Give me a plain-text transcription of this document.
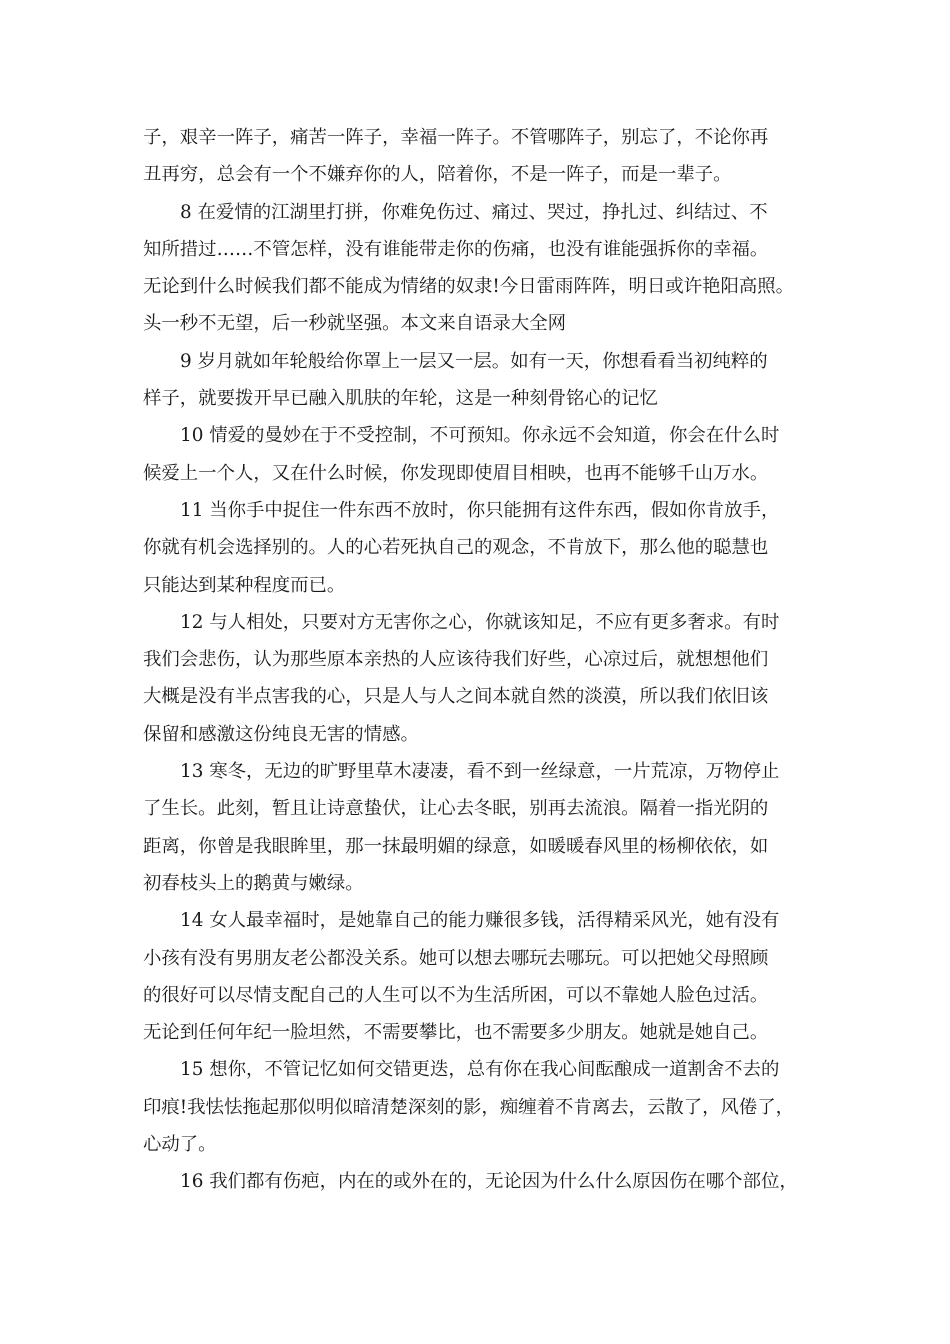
子，艰辛一阵子，痛苦一阵子，幸福一阵子。不管哪阵子，别忘了，不论你再
丑再穷，总会有一个不嫌弃你的人，陪着你，不是一阵子，而是一辈子。
8 在爱情的江湖里打拼，你难免伤过、痛过、哭过，挣扎过、纠结过、不
知所措过……不管怎样，没有谁能带走你的伤痛，也没有谁能强拆你的幸福。
无论到什么时候我们都不能成为情绪的奴隶!今日雷雨阵阵，明日或许艳阳高照。
头一秒不无望，后一秒就坚强。本文来自语录大全网
9 岁月就如年轮般给你罩上一层又一层。如有一天，你想看看当初纯粹的
样子，就要拨开早已融入肌肤的年轮，这是一种刻骨铭心的记忆
10 情爱的曼妙在于不受控制，不可预知。你永远不会知道，你会在什么时
候爱上一个人，又在什么时候，你发现即使眉目相映，也再不能够千山万水。
11 当你手中捉住一件东西不放时，你只能拥有这件东西，假如你肯放手，
你就有机会选择别的。人的心若死执自己的观念，不肯放下，那么他的聪慧也
只能达到某种程度而已。
12 与人相处，只要对方无害你之心，你就该知足，不应有更多奢求。有时
我们会悲伤，认为那些原本亲热的人应该待我们好些，心凉过后，就想想他们
大概是没有半点害我的心，只是人与人之间本就自然的淡漠，所以我们依旧该
保留和感激这份纯良无害的情感。
13 寒冬，无边的旷野里草木凄凄，看不到一丝绿意，一片荒凉，万物停止
了生长。此刻，暂且让诗意蛰伏，让心去冬眠，别再去流浪。隔着一指光阴的
距离，你曾是我眼眸里，那一抹最明媚的绿意，如暖暖春风里的杨柳依依，如
初春枝头上的鹅黄与嫩绿。
14 女人最幸福时，是她靠自己的能力赚很多钱，活得精采风光，她有没有
小孩有没有男朋友老公都没关系。她可以想去哪玩去哪玩。可以把她父母照顾
的很好可以尽情支配自己的人生可以不为生活所困，可以不靠她人脸色过活。
无论到任何年纪一脸坦然，不需要攀比，也不需要多少朋友。她就是她自己。
15 想你，不管记忆如何交错更迭，总有你在我心间酝酿成一道割舍不去的
印痕!我怯怯拖起那似明似暗清楚深刻的影，痴缠着不肯离去，云散了，风倦了，
心动了。
16 我们都有伤疤，内在的或外在的，无论因为什么什么原因伤在哪个部位，
